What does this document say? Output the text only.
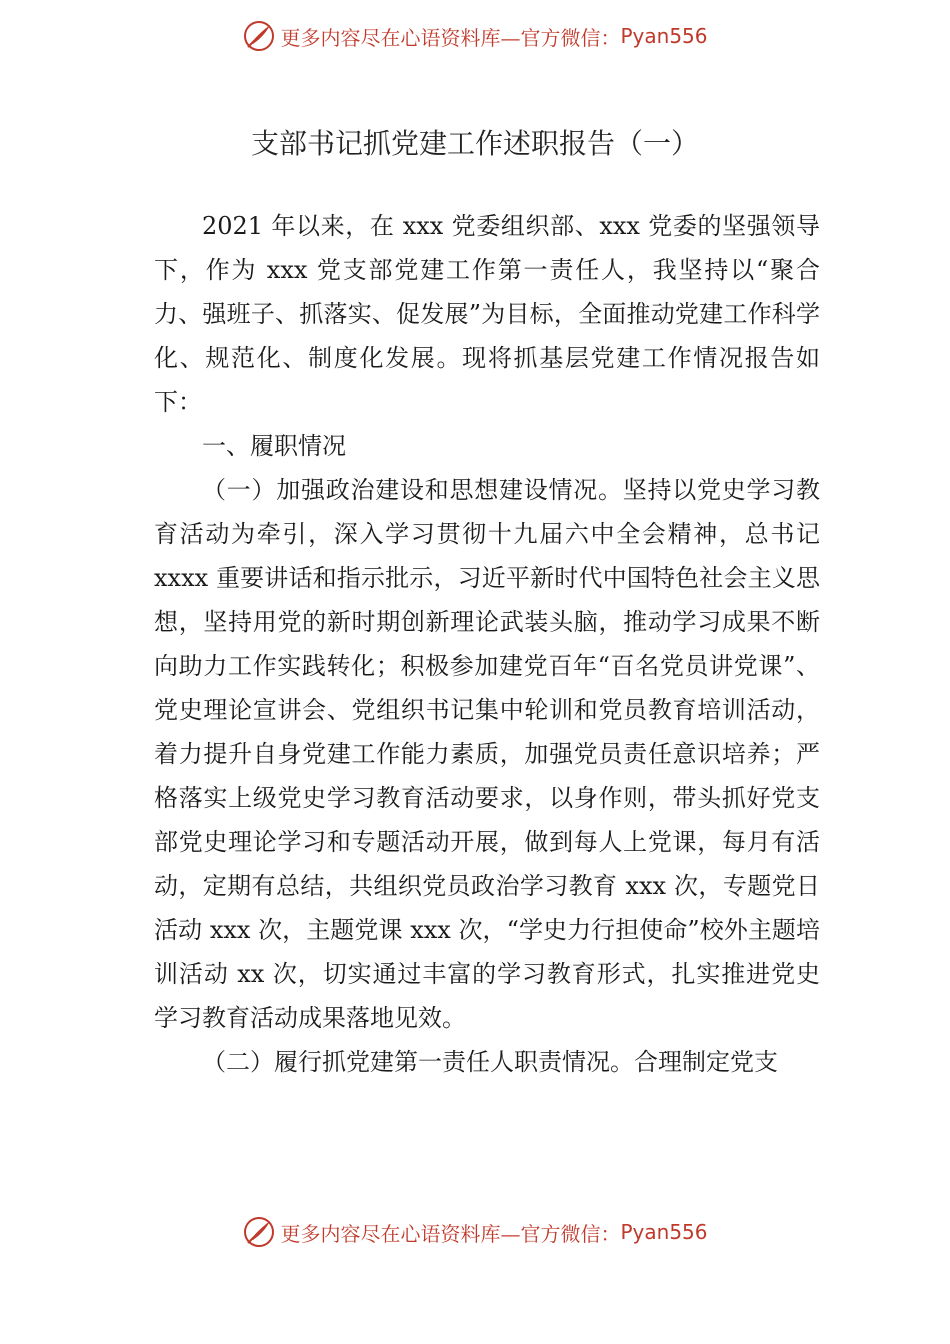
更多内容尽在心语资料库—官方微信： Pyan556
支部书记抓党建工作述职报告（一）

2021 年以来，在 xxx 党委组织部、xxx 党委的坚强领导下，作为 xxx 党支部党建工作第一责任人，我坚持以“聚合力、强班子、抓落实、促发展”为目标，全面推动党建工作科学化、规范化、制度化发展。现将抓基层党建工作情况报告如下：

一、履职情况

（一）加强政治建设和思想建设情况。坚持以党史学习教育活动为牵引，深入学习贯彻十九届六中全会精神，总书记 xxxx 重要讲话和指示批示，习近平新时代中国特色社会主义思想，坚持用党的新时期创新理论武装头脑，推动学习成果不断向助力工作实践转化；积极参加建党百年“百名党员讲党课”、党史理论宣讲会、党组织书记集中轮训和党员教育培训活动，着力提升自身党建工作能力素质，加强党员责任意识培养；严格落实上级党史学习教育活动要求，以身作则，带头抓好党支部党史理论学习和专题活动开展，做到每人上党课，每月有活动，定期有总结，共组织党员政治学习教育 xxx 次，专题党日活动 xxx 次，主题党课 xxx 次，“学史力行担使命”校外主题培训活动 xx 次，切实通过丰富的学习教育形式，扎实推进党史学习教育活动成果落地见效。

（二）履行抓党建第一责任人职责情况。合理制定党支

更多内容尽在心语资料库—官方微信： Pyan556
